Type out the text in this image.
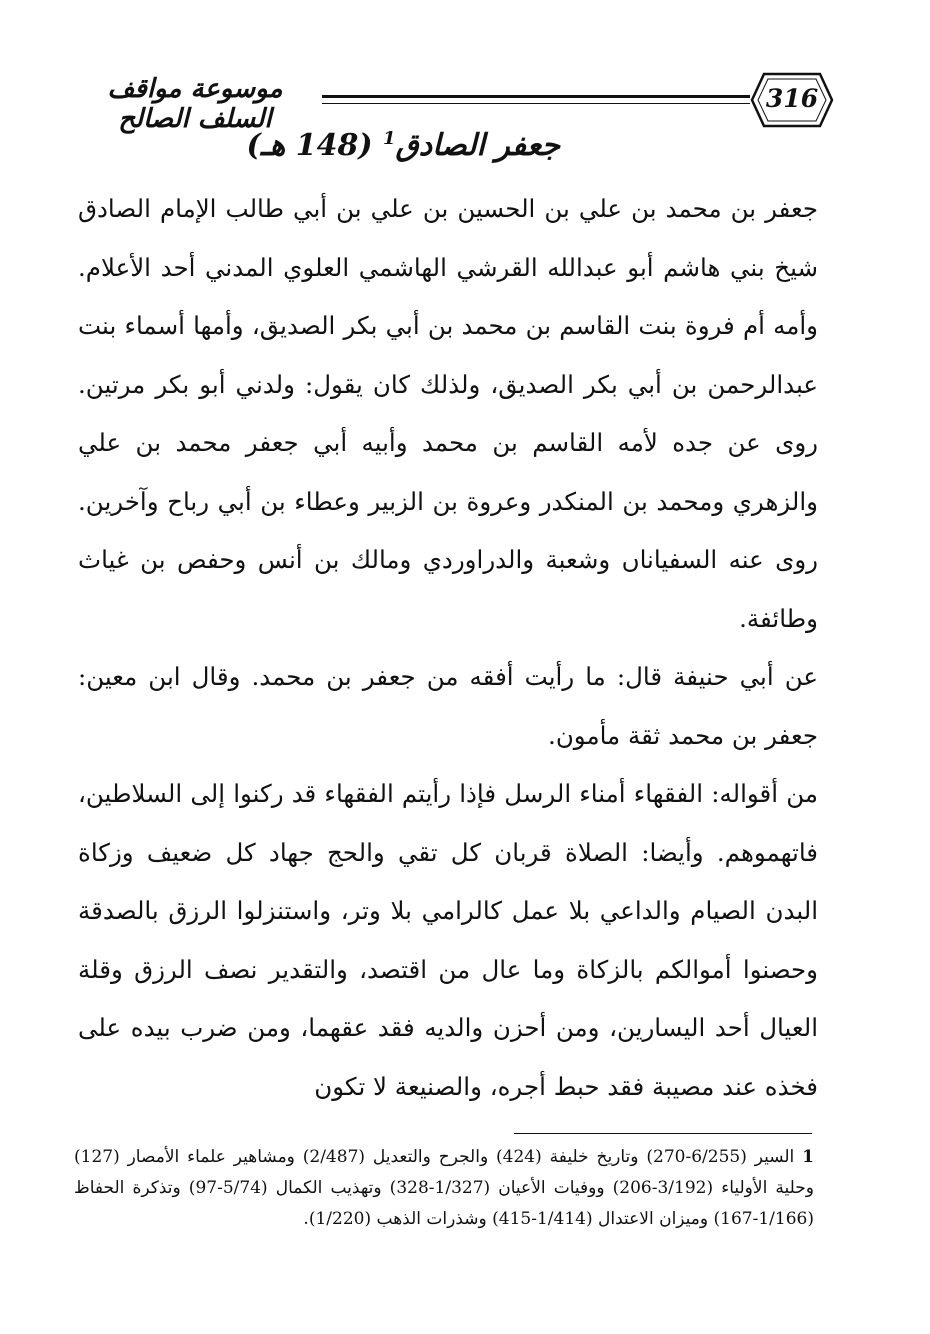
موسوعة مواقف السلف الصالح
316
جعفر الصادق$^1$ (148 هـ)

جعفر بن محمد بن علي بن الحسين بن علي بن أبي طالب الإمام الصادق شيخ بني هاشم أبو عبدالله القرشي الهاشمي العلوي المدني أحد الأعلام. وأمه أم فروة بنت القاسم بن محمد بن أبي بكر الصديق، وأمها أسماء بنت عبدالرحمن بن أبي بكر الصديق، ولذلك كان يقول: ولدني أبو بكر مرتين. روى عن جده لأمه القاسم بن محمد وأبيه أبي جعفر محمد بن علي والزهري ومحمد بن المنكدر وعروة بن الزبير وعطاء بن أبي رباح وآخرين. روى عنه السفياناں وشعبة والدراوردي ومالك بن أنس وحفص بن غياث وطائفة.

عن أبي حنيفة قال: ما رأيت أفقه من جعفر بن محمد. وقال ابن معين: جعفر بن محمد ثقة مأمون.

من أقواله: الفقهاء أمناء الرسل فإذا رأيتم الفقهاء قد ركنوا إلى السلاطين، فاتهموهم. وأيضا: الصلاة قربان كل تقي والحج جهاد كل ضعيف وزكاة البدن الصيام والداعي بلا عمل كالرامي بلا وتر، واستنزلوا الرزق بالصدقة وحصنوا أموالكم بالزكاة وما عال من اقتصد، والتقدير نصف الرزق وقلة العيال أحد اليسارين، ومن أحزن والديه فقد عقهما، ومن ضرب بيده على فخذه عند مصيبة فقد حبط أجره، والصنيعة لا تكون

1 السير (6/255-270) وتاريخ خليفة (424) والجرح والتعديل (2/487) ومشاهير علماء الأمصار (127) وحلية الأولياء (3/192-206) ووفيات الأعيان (1/327-328) وتهذيب الكمال (5/74-97) وتذكرة الحفاظ (1/166-167) وميزان الاعتدال (1/414-415) وشذرات الذهب (1/220).
